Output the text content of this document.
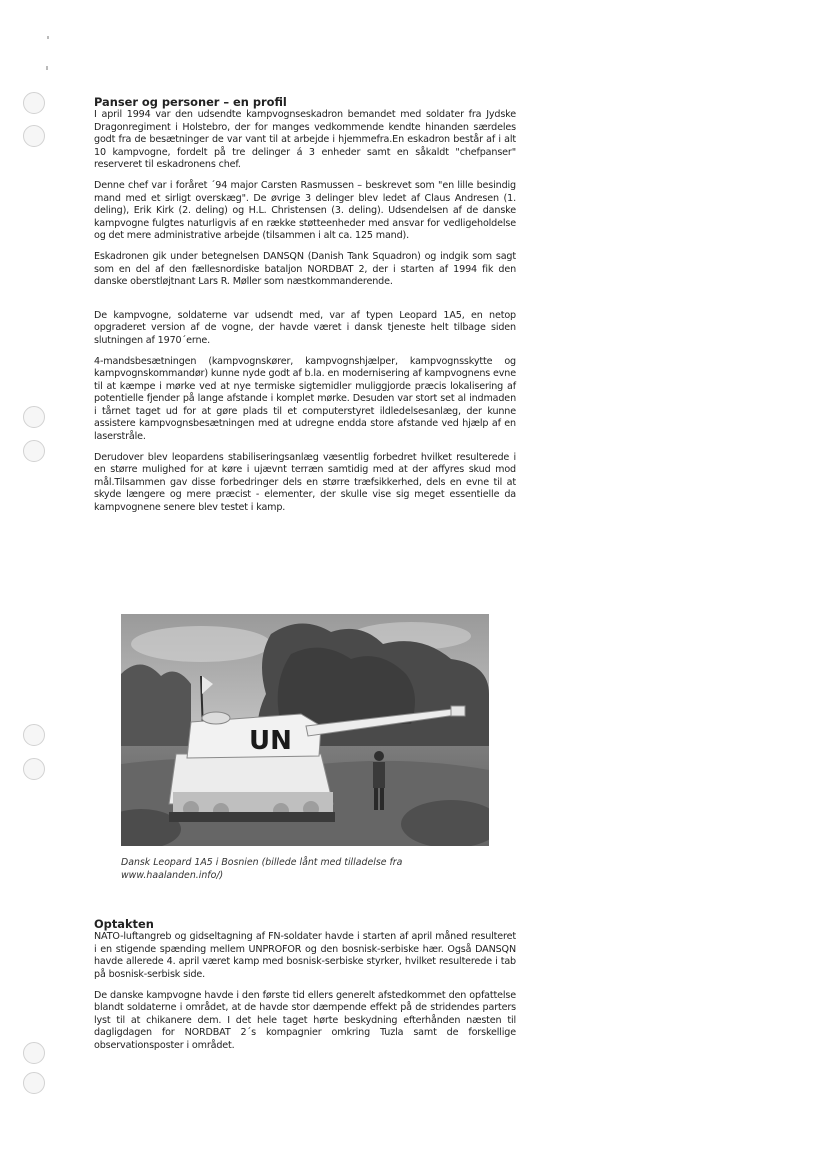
Panser og personer – en profil

I april 1994 var den udsendte kampvognseskadron bemandet med soldater fra Jydske Dragonregiment i Holstebro, der for manges vedkommende kendte hinanden særdeles godt fra de besætninger de var vant til at arbejde i hjemmefra.En eskadron består af i alt 10 kampvogne, fordelt på tre delinger á 3 enheder samt en såkaldt "chefpanser" reserveret til eskadronens chef.

Denne chef var i foråret ´94 major Carsten Rasmussen – beskrevet som "en lille besindig mand med et sirligt overskæg". De øvrige 3 delinger blev ledet af Claus Andresen (1. deling), Erik Kirk (2. deling) og H.L. Christensen (3. deling). Udsendelsen af de danske kampvogne fulgtes naturligvis af en række støtteenheder med ansvar for vedligeholdelse og det mere administrative arbejde (tilsammen i alt ca. 125 mand).

Eskadronen gik under betegnelsen DANSQN (Danish Tank Squadron) og indgik som sagt som en del af den fællesnordiske bataljon NORDBAT 2, der i starten af 1994 fik den danske oberstløjtnant Lars R. Møller som næstkommanderende.

De kampvogne, soldaterne var udsendt med, var af typen Leopard 1A5, en netop opgraderet version af de vogne, der havde været i dansk tjeneste helt tilbage siden slutningen af 1970´erne.

4-mandsbesætningen (kampvognskører, kampvognshjælper, kampvognsskytte og kampvognskommandør) kunne nyde godt af b.la. en modernisering af kampvognens evne til at kæmpe i mørke ved at nye termiske sigtemidler muliggjorde præcis lokalisering af potentielle fjender på lange afstande i komplet mørke. Desuden var stort set al indmaden i tårnet taget ud for at gøre plads til et computerstyret ildledelsesanlæg, der kunne assistere kampvognsbesætningen med at udregne endda store afstande ved hjælp af en laserstråle.

Derudover blev leopardens stabiliseringsanlæg væsentlig forbedret hvilket resulterede i en større mulighed for at køre i ujævnt terræn samtidig med at der affyres skud mod mål.Tilsammen gav disse forbedringer dels en større træfsikkerhed, dels en evne til at skyde længere og mere præcist - elementer, der skulle vise sig meget essentielle da kampvognene senere blev testet i kamp.

UN

Dansk Leopard 1A5 i Bosnien (billede lånt med tilladelse fra www.haalanden.info/)

Optakten

NATO-luftangreb og gidseltagning af FN-soldater havde i starten af april måned resulteret i en stigende spænding mellem UNPROFOR og den bosnisk-serbiske hær. Også DANSQN havde allerede 4. april været kamp med bosnisk-serbiske styrker, hvilket resulterede i tab på bosnisk-serbisk side.

De danske kampvogne havde i den første tid ellers generelt afstedkommet den opfattelse blandt soldaterne i området, at de havde stor dæmpende effekt på de stridendes parters lyst til at chikanere dem. I det hele taget hørte beskydning efterhånden næsten til dagligdagen for NORDBAT 2´s kompagnier omkring Tuzla samt de forskellige observationsposter i området.
